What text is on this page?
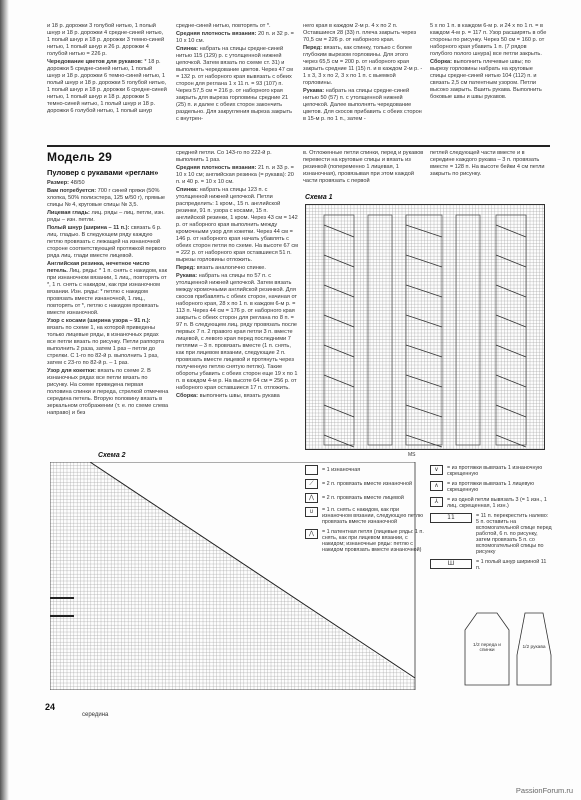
и 18 р. дорожки 3 голубой нитью, 1 полый шнур и 18 р. дорожки 4 средне-синей нитью, 1 полый шнур и 18 р. дорожки 3 темно-синей нитью, 1 полый шнур и 26 р. дорожки 4 голубой нитью = 226 р.

Чередование цветов для рукавов: * 18 р. дорожки 5 средне-синей нитью, 1 полый шнур и 18 р. дорожки 6 темно-синей нитью, 1 полый шнур и 18 р. дорожки 5 голубой нитью, 1 полый шнур и 18 р. дорожки 6 средне-синей нитью, 1 полый шнур и 18 р. дорожки 5 темно-синей нитью, 1 полый шнур и 18 р. дорожки 6 голубой нитью, 1 полый шнур

средне-синей нитью, повторять от *.

Средняя плотность вязания: 20 п. и 32 р. = 10 х 10 см.

Спинка: набрать на спицы средне-синей нитью 115 (129) р. с утолщенной нижней цепочкой. Затем вязать по схеме ст. 31) и выполнять чередование цветов. Через 47 см = 132 р. от наборного края вывязать с обеих сторон для реглана 1 х 11 п. = 93 (107) п. Через 57,5 см = 216 р. от наборного края закрыть для выреза горловины средние 21 (25) п. и далее с обеих сторон закончить раздельно. Для закругления выреза закрыть с внутрен-

него края в каждом 2-м р. 4 х по 2 п. Оставшиеся 28 (33) п. плеча закрыть через 70,5 см = 226 р. от наборного края.

Перед: вязать, как спинку, только с более глубоким вырезом горловины. Для этого через 65,5 см = 200 р. от наборного края закрыть средние 11 (15) п. и в каждом 2-м р. - 1 х 3, 3 х по 2, 3 х по 1 п. с выемкой горловины.

Рукава: набрать на спицы средне-синей нитью 50 (57) п. с утолщенной нижней цепочкой. Далее выполнять чередование цветов. Для скосов прибавить с обеих сторон в 15-м р. по 1 п., затем -

5 х по 1 п. в каждом 6-м р. и 24 х по 1 п. = в каждом 4-м р. = 117 п. Узор расширять в обе стороны по рисунку. Через 50 см = 160 р. от наборного края убавить 1 п. (7 рядов голубого полого шнура) все петли закрыть.

Сборка: выполнить плечевые швы; по вырезу горловины набрать на круговые спицы средне-синей нитью 104 (112) п. и связать 2,5 см патентным узором. Петли высоко закрыть. Вшить рукава. Выполнить боковые швы и швы рукавов.

Модель 29
Пуловер с рукавами «реглан»

Размер: 48/50

Вам потребуется: 700 г синей пряжи (50% хлопка, 50% полиэстера, 125 м/50 г), прямые спицы № 4, круговые спицы № 3,5.

Лицевая гладь: лиц. ряды – лиц. петли, изн. ряды – изн. петли.

Полый шнур (ширина – 11 п.): связать 6 р. лиц. гладью. В следующем ряду каждую петлю провязать с лежащей на изнаночной стороне соответствующей протяжкой первого ряда лиц. глади вместе лицевой.

Английская резинка, нечетное число петель. Лиц. ряды: * 1 п. снять с накидом, как при изнаночном вязании, 1 лиц., повторять от *, 1 п. снять с накидом, как при изнаночном вязании. Изн. ряды: * петлю с накидом провязать вместе изнаночной, 1 лиц., повторять от *, петлю с накидом провязать вместе изнаночной.

Узор с косами (ширина узора – 91 п.): вязать по схеме 1, на которой приведены только лицевые ряды, в изнаночных рядах все петли вязать по рисунку. Петли раппорта выполнить 2 раза, затем 1 раз – петли до стрелки. С 1-го по 82-й р. выполнить 1 раз, затем с 23-го по 82-й р. – 1 раз.

Узор для кокетки: вязать по схеме 2. В изнаночных рядах все петли вязать по рисунку. На схеме приведена первая половина спинки и переда, стрелкой отмечена середина петель. Вторую половину вязать в зеркальном отображении (т. е. по схеме слева направо) и без

средней петли. Со 143-го по 222-й р. выполнить 1 раз.

Средняя плотность вязания: 21 п. и 33 р. = 10 х 10 см; английская резинка (= рукава): 20 п. и 40 р. = 10 х 10 см.

Спинка: набрать на спицы 123 п. с утолщенной нижней цепочкой. Петли распределить: 1 кром., 15 п. английской резинки, 91 п. узора с косами, 15 п. английской резинки, 1 кром. Через 43 см = 142 р. от наборного края выполнить между кромочными узор для кокетки. Через 44 см = 146 р. от наборного края начать убавлять с обеих сторон петли по схеме. На высоте 67 см = 222 р. от наборного края оставшиеся 51 п. вырезы горловины отложить.

Перед: вязать аналогично спинке.

Рукава: набрать на спицы по 57 п. с утолщенной нижней цепочкой. Затем вязать между кромочными английской резинкой. Для скосов прибавлять с обеих сторон, начиная от наборного края, 28 х по 1 п. в каждом 6-м р. = 113 п. Через 44 см = 176 р. от наборного края закрыть с обеих сторон для реглана по 8 п. = 97 п. В следующем лиц. ряду провязать после первых 7 п. 2 правого края петли 3 п. вместе лицевой, с левого края перед последними 7 петлями – 3 п. провязать вместе (1 п. снять, как при лицевом вязании, следующие 2 п. провязать вместе лицевой и протянуть через полученную петлю снятую петлю). Такие обороты убавить с обеих сторон еще 19 х по 1 п. в каждом 4-м р. На высоте 64 см = 256 р. от наборного края оставшиеся 17 п. отложить.

Сборка: выполнить швы, вязать рукава

в. Отложенные петли спинки, перед и рукавов перевести на круговые спицы и вязать из резинкой (попеременно 1 лицевая, 1 изнаночная), провязывая при этом каждой части провязать с первой

петлей следующей части вместе и в середине каждого рукава – 3 п. провязать вместе = 128 п. На высоте бейки 4 см петли закрыть по рисунку.

Схема 1
MS
Схема 2
середина
= 1 изнаночная
⟋	= 2 п. провязать вместе изнаночной
⋀	= 2 п. провязать вместе лицевой
∪	= 1 п. снять с накидом, как при изнаночном вязании, следующую петлю провязать вместе изнаночной
⋀	= 1 патентная петля (лицевые ряды: 1 п. снять, как при лицевом вязании, с накидом; изнаночные ряды: петлю с накидом провязать вместе изнаночной)
∨	= из протяжки вывязать 1 изнаночную скрещенную
∧	= из протяжки вывязать 1 лицевую скрещенную
⅄	= из одной петли вывязать 3 (= 1 изн., 1 лиц. скрещенная, 1 изн.)
11	= 11 п. перекрестить налево: 5 п. оставить на вспомогательной спице перед работой, 6 п. по рисунку, затем провязать 5 п. со вспомогательной спицы по рисунку
Ш	= 1 полый шнур шириной 11 п.
1/2 переда и спинки
1/2 рукава
24
PassionForum.ru
